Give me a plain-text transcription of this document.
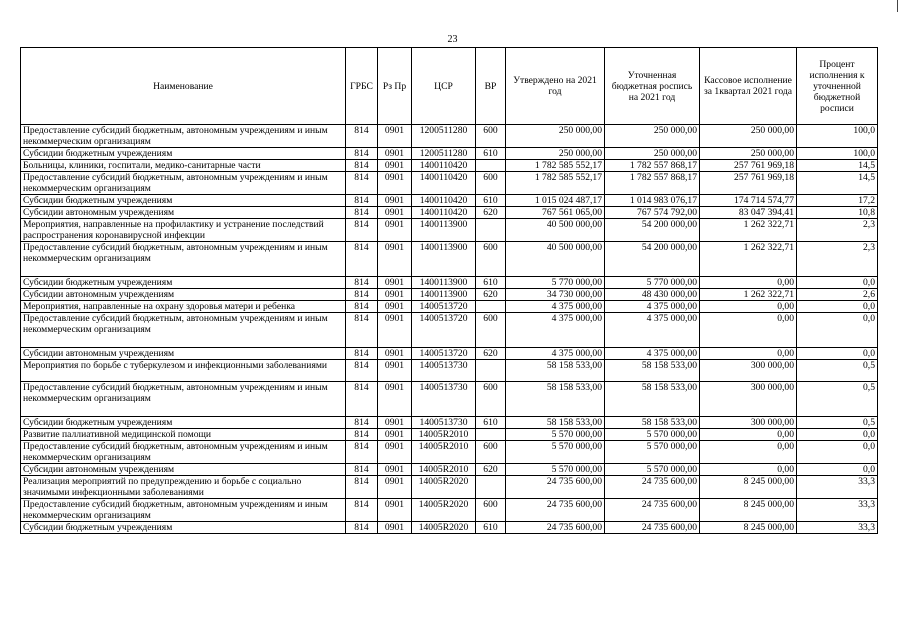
23
Наименование	ГРБС	Рз Пр	ЦСР	ВР	Утверждено на 2021 год	Уточненная бюджетная роспись на 2021 год	Кассовое исполнение за 1квартал 2021 года	Процент исполнения к уточненной бюджетной росписи
Предоставление субсидий бюджетным, автономным учреждениям и иным некоммерческим организациям	814	0901	1200511280	600	250 000,00	250 000,00	250 000,00	100,0
Субсидии бюджетным учреждениям	814	0901	1200511280	610	250 000,00	250 000,00	250 000,00	100,0
Больницы, клиники, госпитали, медико-санитарные части	814	0901	1400110420		1 782 585 552,17	1 782 557 868,17	257 761 969,18	14,5
Предоставление субсидий бюджетным, автономным учреждениям и иным некоммерческим организациям	814	0901	1400110420	600	1 782 585 552,17	1 782 557 868,17	257 761 969,18	14,5
Субсидии бюджетным учреждениям	814	0901	1400110420	610	1 015 024 487,17	1 014 983 076,17	174 714 574,77	17,2
Субсидии автономным учреждениям	814	0901	1400110420	620	767 561 065,00	767 574 792,00	83 047 394,41	10,8
Мероприятия, направленные на профилактику и устранение последствий распространения коронавирусной инфекции	814	0901	1400113900		40 500 000,00	54 200 000,00	1 262 322,71	2,3
Предоставление субсидий бюджетным, автономным учреждениям и иным некоммерческим организациям	814	0901	1400113900	600	40 500 000,00	54 200 000,00	1 262 322,71	2,3
Субсидии бюджетным учреждениям	814	0901	1400113900	610	5 770 000,00	5 770 000,00	0,00	0,0
Субсидии автономным учреждениям	814	0901	1400113900	620	34 730 000,00	48 430 000,00	1 262 322,71	2,6
Мероприятия, направленные на охрану здоровья матери и ребенка	814	0901	1400513720		4 375 000,00	4 375 000,00	0,00	0,0
Предоставление субсидий бюджетным, автономным учреждениям и иным некоммерческим организациям	814	0901	1400513720	600	4 375 000,00	4 375 000,00	0,00	0,0
Субсидии автономным учреждениям	814	0901	1400513720	620	4 375 000,00	4 375 000,00	0,00	0,0
Мероприятия по борьбе с туберкулезом и инфекционными заболеваниями	814	0901	1400513730		58 158 533,00	58 158 533,00	300 000,00	0,5
Предоставление субсидий бюджетным, автономным учреждениям и иным некоммерческим организациям	814	0901	1400513730	600	58 158 533,00	58 158 533,00	300 000,00	0,5
Субсидии бюджетным учреждениям	814	0901	1400513730	610	58 158 533,00	58 158 533,00	300 000,00	0,5
Развитие паллиативной медицинской помощи	814	0901	14005R2010		5 570 000,00	5 570 000,00	0,00	0,0
Предоставление субсидий бюджетным, автономным учреждениям и иным некоммерческим организациям	814	0901	14005R2010	600	5 570 000,00	5 570 000,00	0,00	0,0
Субсидии автономным учреждениям	814	0901	14005R2010	620	5 570 000,00	5 570 000,00	0,00	0,0
Реализация мероприятий по предупреждению и борьбе с социально значимыми инфекционными заболеваниями	814	0901	14005R2020		24 735 600,00	24 735 600,00	8 245 000,00	33,3
Предоставление субсидий бюджетным, автономным учреждениям и иным некоммерческим организациям	814	0901	14005R2020	600	24 735 600,00	24 735 600,00	8 245 000,00	33,3
Субсидии бюджетным учреждениям	814	0901	14005R2020	610	24 735 600,00	24 735 600,00	8 245 000,00	33,3
